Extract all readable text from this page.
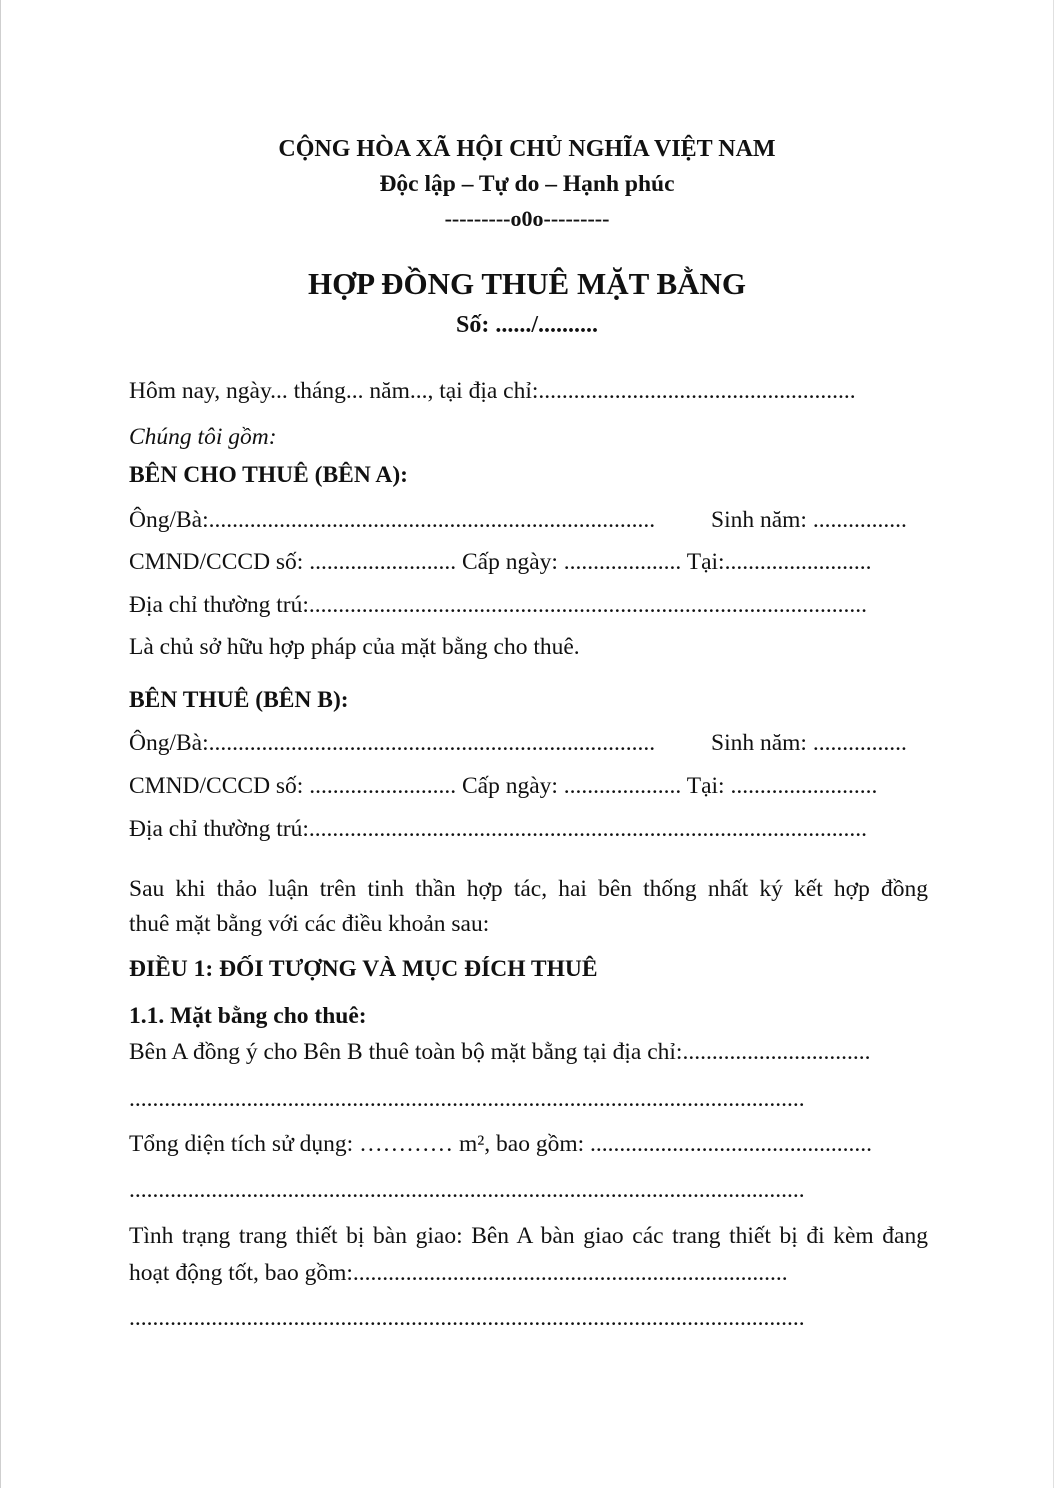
CỘNG HÒA XÃ HỘI CHỦ NGHĨA VIỆT NAM
Độc lập – Tự do – Hạnh phúc
---------o0o---------
HỢP ĐỒNG THUÊ MẶT BẰNG
Số: ....../..........
Hôm nay, ngày... tháng... năm..., tại địa chỉ:......................................................
Chúng tôi gồm:
BÊN CHO THUÊ (BÊN A):
Ông/Bà:............................................................................ Sinh năm: ................
CMND/CCCD số: ......................... Cấp ngày: .................... Tại:.........................
Địa chỉ thường trú:...............................................................................................
Là chủ sở hữu hợp pháp của mặt bằng cho thuê.
BÊN THUÊ (BÊN B):
Ông/Bà:............................................................................ Sinh năm: ................
CMND/CCCD số: ......................... Cấp ngày: .................... Tại: .........................
Địa chỉ thường trú:...............................................................................................
Sau khi thảo luận trên tinh thần hợp tác, hai bên thống nhất ký kết hợp đồng
thuê mặt bằng với các điều khoản sau:
ĐIỀU 1: ĐỐI TƯỢNG VÀ MỤC ĐÍCH THUÊ
1.1. Mặt bằng cho thuê:
Bên A đồng ý cho Bên B thuê toàn bộ mặt bằng tại địa chỉ:................................
...................................................................................................................
Tổng diện tích sử dụng: ………… m², bao gồm: ................................................
...................................................................................................................
Tình trạng trang thiết bị bàn giao: Bên A bàn giao các trang thiết bị đi kèm đang
hoạt động tốt, bao gồm:..........................................................................
...................................................................................................................
